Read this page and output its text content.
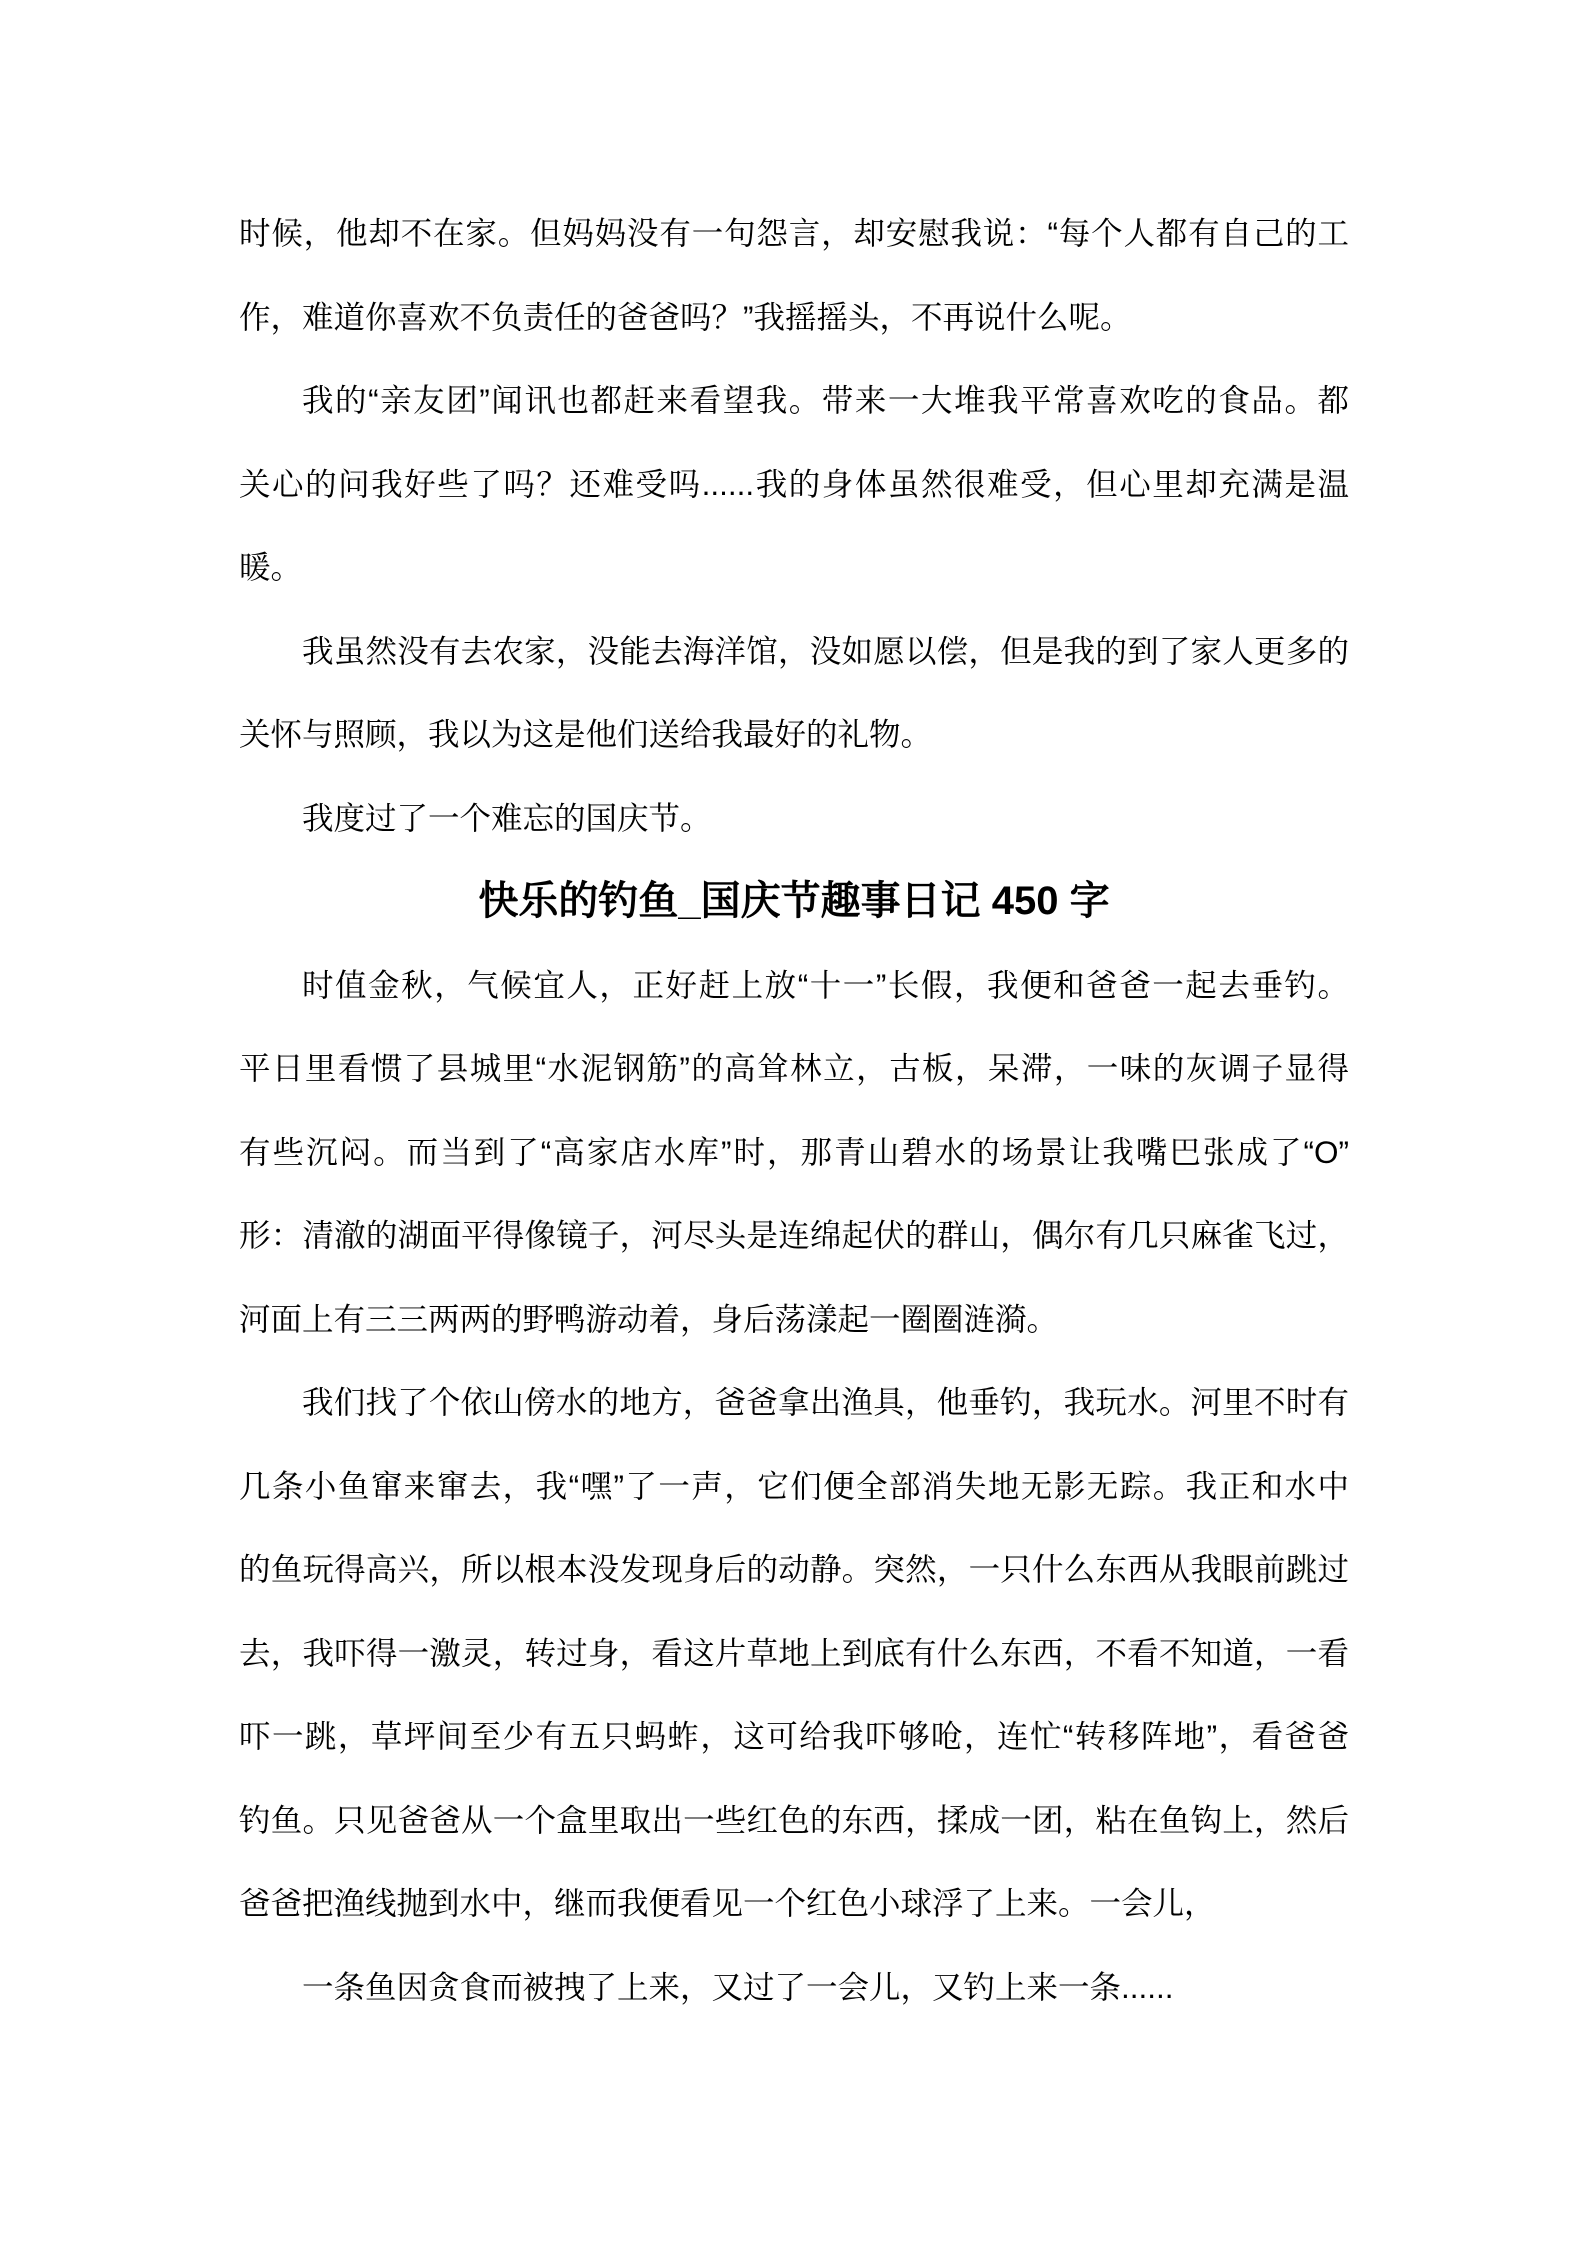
时候，他却不在家。但妈妈没有一句怨言，却安慰我说：“每个人都有自己的工

作，难道你喜欢不负责任的爸爸吗？”我摇摇头，不再说什么呢。

我的“亲友团”闻讯也都赶来看望我。带来一大堆我平常喜欢吃的食品。都

关心的问我好些了吗？还难受吗......我的身体虽然很难受，但心里却充满是温

暖。

我虽然没有去农家，没能去海洋馆，没如愿以偿，但是我的到了家人更多的

关怀与照顾，我以为这是他们送给我最好的礼物。

我度过了一个难忘的国庆节。

快乐的钓鱼_国庆节趣事日记 450 字

时值金秋，气候宜人，正好赶上放“十一”长假，我便和爸爸一起去垂钓。

平日里看惯了县城里“水泥钢筋”的高耸林立，古板，呆滞，一味的灰调子显得

有些沉闷。而当到了“高家店水库”时，那青山碧水的场景让我嘴巴张成了“O”

形：清澈的湖面平得像镜子，河尽头是连绵起伏的群山，偶尔有几只麻雀飞过，

河面上有三三两两的野鸭游动着，身后荡漾起一圈圈涟漪。

我们找了个依山傍水的地方，爸爸拿出渔具，他垂钓，我玩水。河里不时有

几条小鱼窜来窜去，我“嘿”了一声，它们便全部消失地无影无踪。我正和水中

的鱼玩得高兴，所以根本没发现身后的动静。突然，一只什么东西从我眼前跳过

去，我吓得一激灵，转过身，看这片草地上到底有什么东西，不看不知道，一看

吓一跳，草坪间至少有五只蚂蚱，这可给我吓够呛，连忙“转移阵地”，看爸爸

钓鱼。只见爸爸从一个盒里取出一些红色的东西，揉成一团，粘在鱼钩上，然后

爸爸把渔线抛到水中，继而我便看见一个红色小球浮了上来。一会儿，

一条鱼因贪食而被拽了上来，又过了一会儿，又钓上来一条......
